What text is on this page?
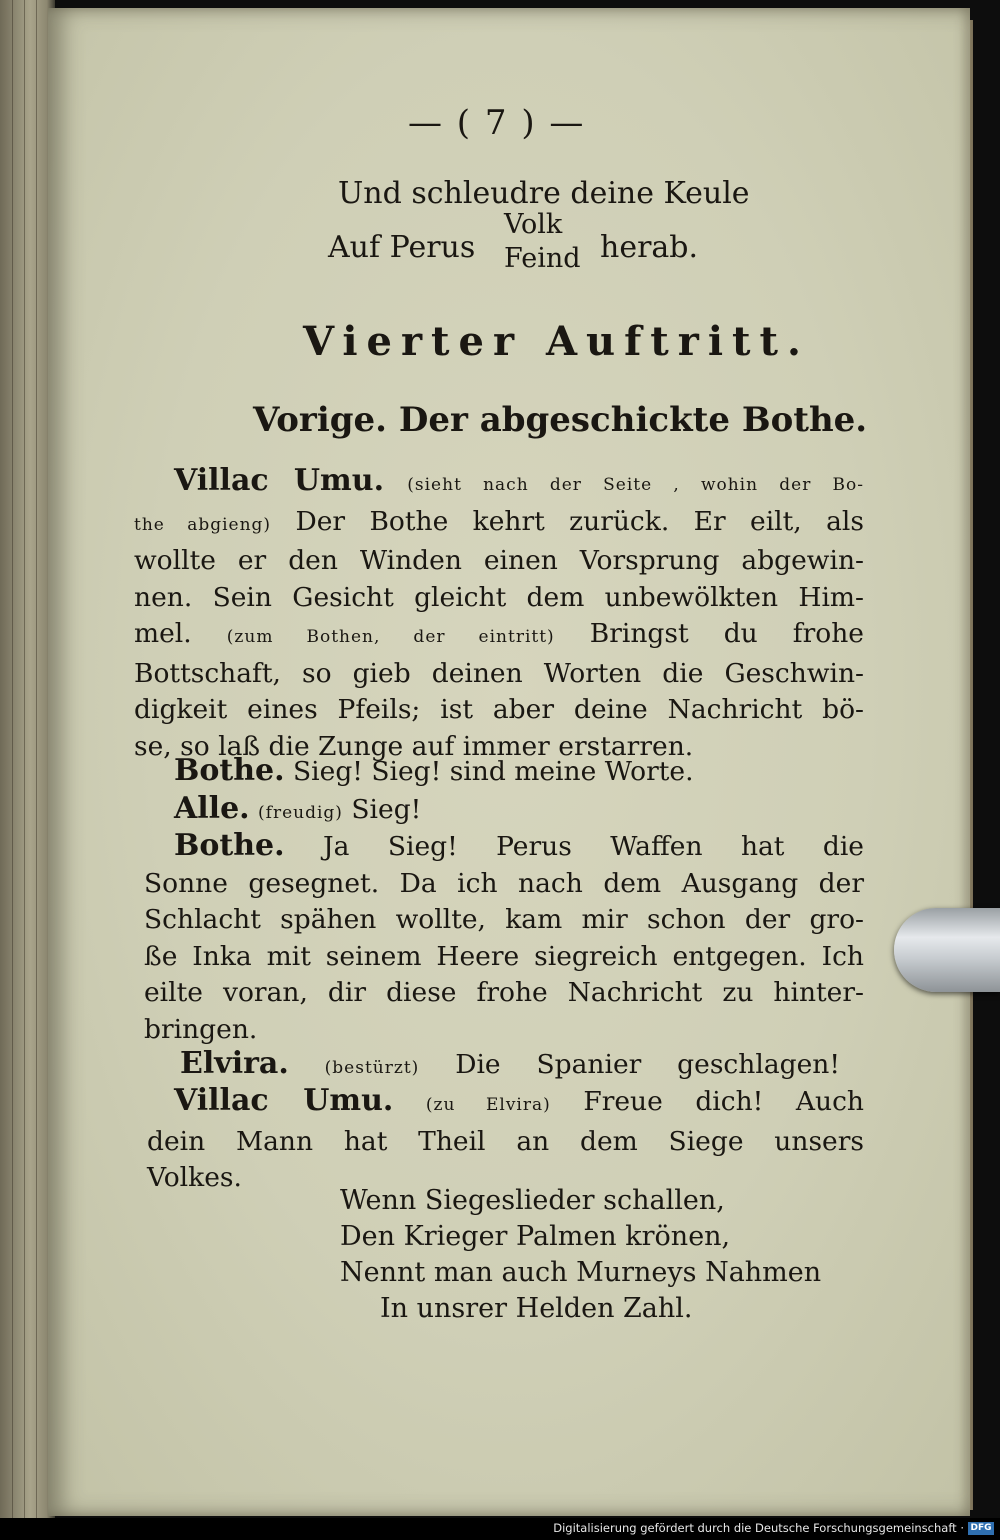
— ( 7 ) —
Und schleudre deine Keule
Auf Perus
Volk
Feind herab.
Vierter Auftritt.
Vorige. Der abgeschickte Bothe.
Villac Umu. (sieht nach der Seite , wohin der Bo-
the abgieng) Der Bothe kehrt zurück. Er eilt, als
wollte er den Winden einen Vorsprung abgewin-
nen. Sein Gesicht gleicht dem unbewölkten Him-
mel. (zum Bothen, der eintritt) Bringst du frohe
Bottschaft, so gieb deinen Worten die Geschwin-
digkeit eines Pfeils; ist aber deine Nachricht bö-
se, so laß die Zunge auf immer erstarren.
Bothe. Sieg! Sieg! sind meine Worte.
Alle. (freudig) Sieg!
Bothe. Ja Sieg! Perus Waffen hat die
Sonne gesegnet. Da ich nach dem Ausgang der
Schlacht spähen wollte, kam mir schon der gro-
ße Inka mit seinem Heere siegreich entgegen. Ich
eilte voran, dir diese frohe Nachricht zu hinter-
bringen.
Elvira. (bestürzt) Die Spanier geschlagen!
Villac Umu. (zu Elvira) Freue dich! Auch
dein Mann hat Theil an dem Siege unsers
Volkes.
Wenn Siegeslieder schallen,
Den Krieger Palmen krönen,
Nennt man auch Murneys Nahmen
In unsrer Helden Zahl.
Digitalisierung gefördert durch die Deutsche Forschungsgemeinschaft · DFG
